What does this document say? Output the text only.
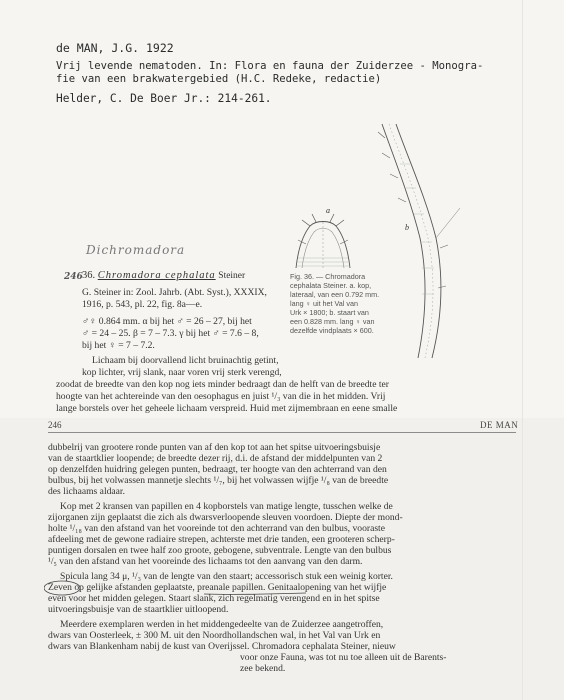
de MAN, J.G. 1922
Vrij levende nematoden. In: Flora en fauna der Zuiderzee - Monogra-
fie van een brakwatergebied (H.C. Redeke, redactie)
Helder, C. De Boer Jr.: 214-261.
a
b
Fig. 36. — Chromadora
cephalata Steiner. a. kop,
lateraal, van een 0.792 mm.
lang ♀ uit het Val van
Urk × 1800; b. staart van
een 0.828 mm. lang ♀ van
dezelfde vindplaats × 600.
Dichromadora
246 36. Chromadora cephalata Steiner
G. Steiner in: Zool. Jahrb. (Abt. Syst.), XXXIX,
1916, p. 543, pl. 22, fig. 8a—e.
♂♀ 0.864 mm. α bij het ♂ = 26 – 27, bij het
♂ = 24 – 25. β = 7 – 7.3. γ bij het ♂ = 7.6 – 8,
bij het ♀ = 7 – 7.2.
Lichaam bij doorvallend licht bruinachtig getint,
kop lichter, vrij slank, naar voren vrij sterk verengd,
zoodat de breedte van den kop nog iets minder bedraagt dan de helft van de breedte ter
hoogte van het achtereinde van den oesophagus en juist ¹/₃ van die in het midden. Vrij
lange borstels over het geheele lichaam verspreid. Huid met zijmembraan en eene smalle
246	DE MAN
dubbelrij van grootere ronde punten van af den kop tot aan het spitse uitvoeringsbuisje
van de staartklier loopende; de breedte dezer rij, d.i. de afstand der middelpunten van 2
op denzelfden huidring gelegen punten, bedraagt, ter hoogte van den achterrand van den
bulbus, bij het volwassen mannetje slechts ¹/₇, bij het volwassen wijfje ¹/₈ van de breedte
des lichaams aldaar.
Kop met 2 kransen van papillen en 4 kopborstels van matige lengte, tusschen welke de
zijorganen zijn geplaatst die zich als dwarsverloopende sleuven voordoen. Diepte der mond-
holte ¹/₁₈ van den afstand van het vooreinde tot den achterrand van den bulbus, vooraste
afdeeling met de gewone radiaire strepen, achterste met drie tanden, een grooteren scherp-
puntigen dorsalen en twee half zoo groote, gebogene, subventrale. Lengte van den bulbus
¹/₅ van den afstand van het vooreinde des lichaams tot den aanvang van den darm.
Spicula lang 34 μ, ¹/₃ van de lengte van den staart; accessorisch stuk een weinig korter.
Zeven op gelijke afstanden geplaatste, preanale papillen. Genitaalopening van het wijfje
even voor het midden gelegen. Staart slank, zich regelmatig verengend en in het spitse
uitvoeringsbuisje van de staartklier uitloopend.
Meerdere exemplaren werden in het middengedeelte van de Zuiderzee aangetroffen,
dwars van Oosterleek, ± 300 M. uit den Noordhollandschen wal, in het Val van Urk en
dwars van Blankenham nabij de kust van Overijssel. Chromadora cephalata Steiner, nieuw
voor onze Fauna, was tot nu toe alleen uit de Barents-
zee bekend.
